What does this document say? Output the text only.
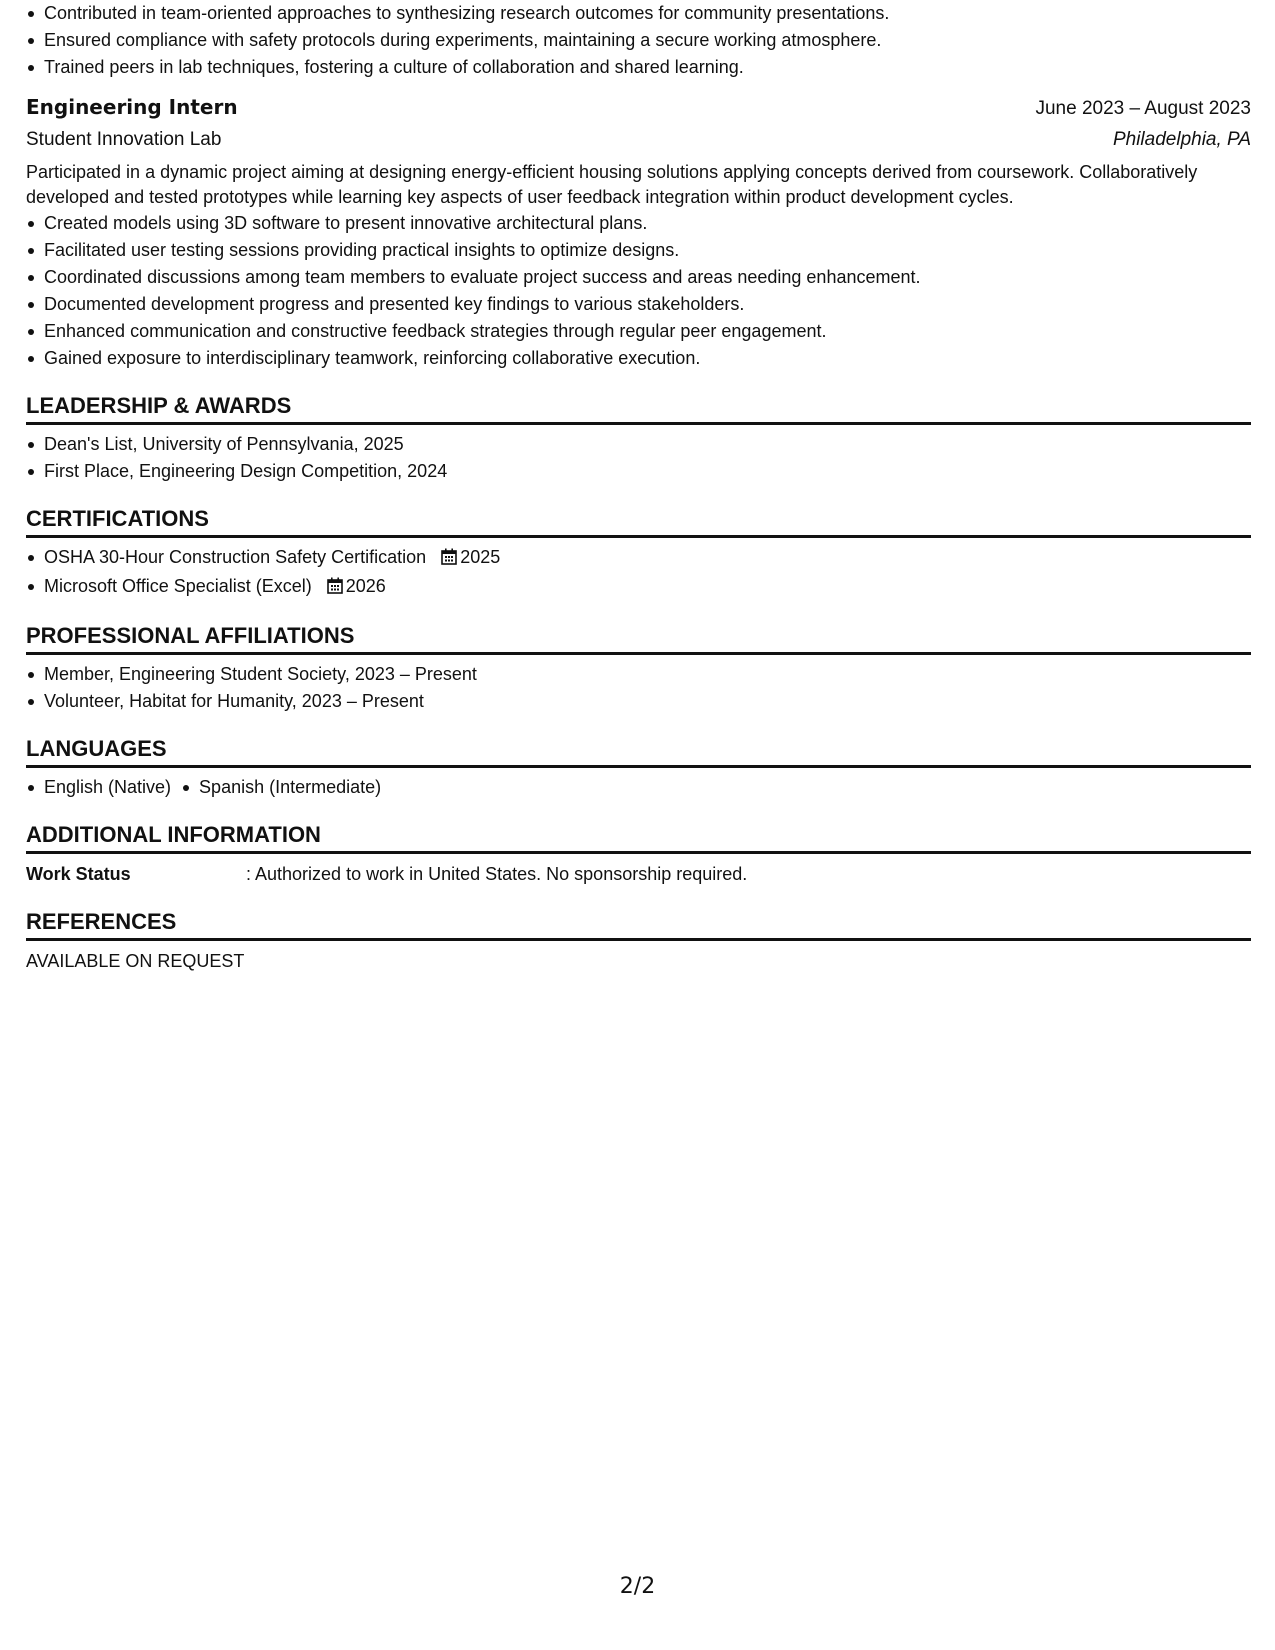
Contributed in team-oriented approaches to synthesizing research outcomes for community presentations.
Ensured compliance with safety protocols during experiments, maintaining a secure working atmosphere.
Trained peers in lab techniques, fostering a culture of collaboration and shared learning.
Engineering Intern	June 2023 – August 2023
Student Innovation Lab	Philadelphia, PA
Participated in a dynamic project aiming at designing energy-efficient housing solutions applying concepts derived from coursework. Collaboratively developed and tested prototypes while learning key aspects of user feedback integration within product development cycles.
Created models using 3D software to present innovative architectural plans.
Facilitated user testing sessions providing practical insights to optimize designs.
Coordinated discussions among team members to evaluate project success and areas needing enhancement.
Documented development progress and presented key findings to various stakeholders.
Enhanced communication and constructive feedback strategies through regular peer engagement.
Gained exposure to interdisciplinary teamwork, reinforcing collaborative execution.
LEADERSHIP & AWARDS
Dean's List, University of Pennsylvania, 2025
First Place, Engineering Design Competition, 2024
CERTIFICATIONS
OSHA 30-Hour Construction Safety Certification 2025
Microsoft Office Specialist (Excel) 2026
PROFESSIONAL AFFILIATIONS
Member, Engineering Student Society, 2023 – Present
Volunteer, Habitat for Humanity, 2023 – Present
LANGUAGES
English (Native) Spanish (Intermediate)
ADDITIONAL INFORMATION
Work Status	: Authorized to work in United States. No sponsorship required.
REFERENCES
AVAILABLE ON REQUEST
2/2
